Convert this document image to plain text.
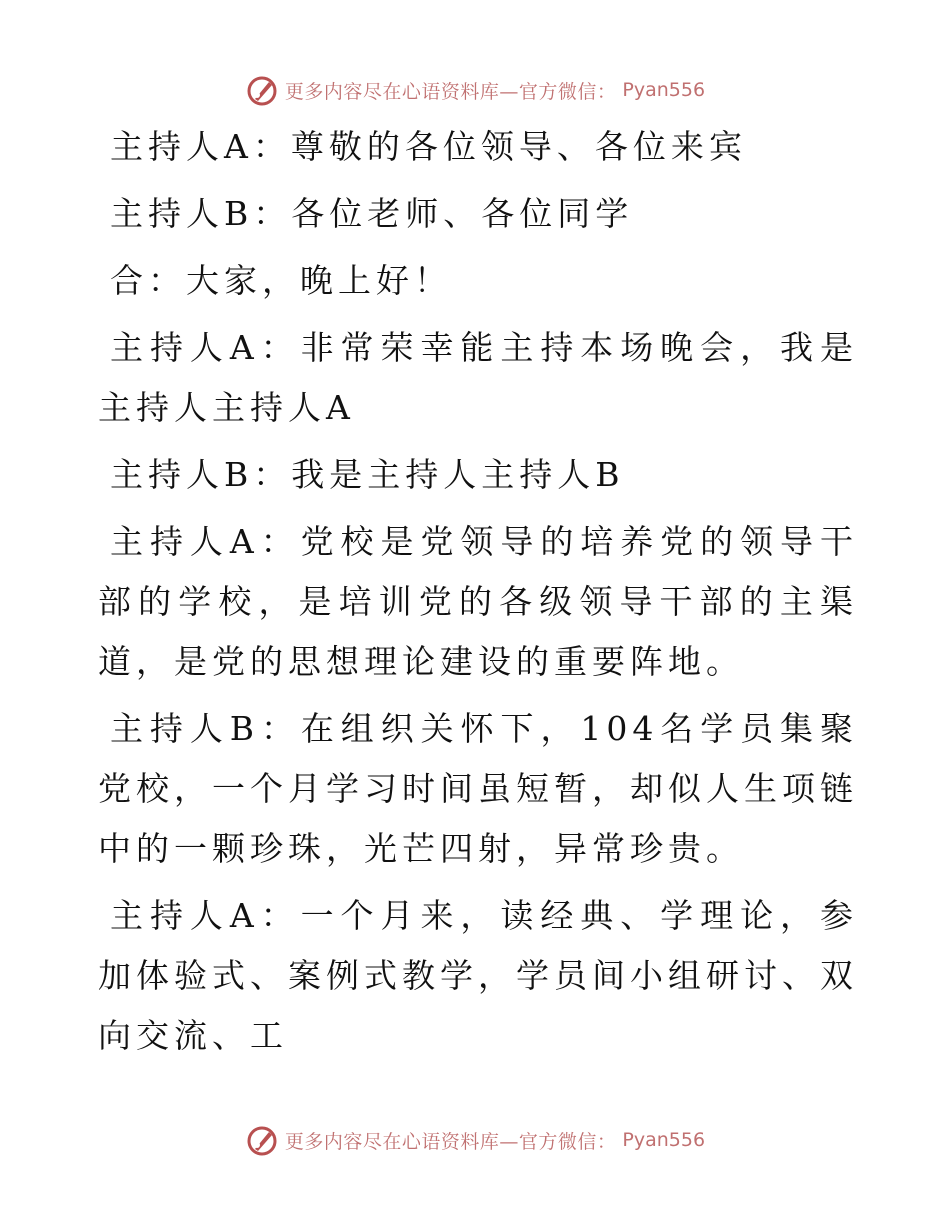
更多内容尽在心语资料库—官方微信： Pyan556

主持人A：尊敬的各位领导、各位来宾

主持人B：各位老师、各位同学

合：大家，晚上好！

主持人A：非常荣幸能主持本场晚会，我是主持人主持人A

主持人B：我是主持人主持人B

主持人A：党校是党领导的培养党的领导干部的学校，是培训党的各级领导干部的主渠道，是党的思想理论建设的重要阵地。

主持人B：在组织关怀下，104名学员集聚党校，一个月学习时间虽短暂，却似人生项链中的一颗珍珠，光芒四射，异常珍贵。

主持人A：一个月来，读经典、学理论，参加体验式、案例式教学，学员间小组研讨、双向交流、工

更多内容尽在心语资料库—官方微信： Pyan556
